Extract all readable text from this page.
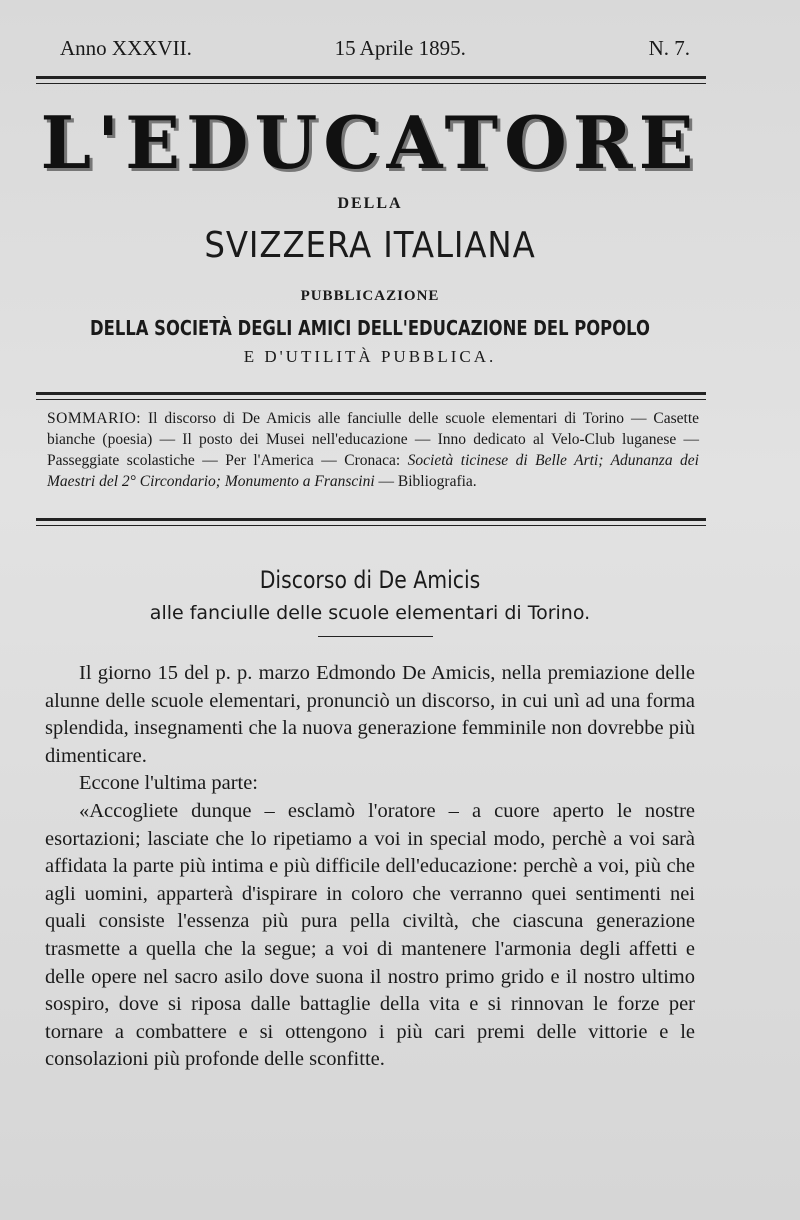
Anno XXXVII.	15 Aprile 1895.	N. 7.
L'EDUCATORE
DELLA
SVIZZERA ITALIANA
PUBBLICAZIONE
DELLA SOCIETÀ DEGLI AMICI DELL'EDUCAZIONE DEL POPOLO
E D'UTILITÀ PUBBLICA.
SOMMARIO: Il discorso di De Amicis alle fanciulle delle scuole elementari di Torino — Casette bianche (poesia) — Il posto dei Musei nell'educazione — Inno dedicato al Velo-Club luganese — Passeggiate scolastiche — Per l'America — Cronaca: Società ticinese di Belle Arti; Adunanza dei Maestri del 2° Circondario; Monumento a Franscini — Bibliografia.
Discorso di De Amicis
alle fanciulle delle scuole elementari di Torino.

Il giorno 15 del p. p. marzo Edmondo De Amicis, nella premiazione delle alunne delle scuole elementari, pronunciò un discorso, in cui unì ad una forma splendida, insegnamenti che la nuova generazione femminile non dovrebbe più dimenticare.

Eccone l'ultima parte:

«Accogliete dunque – esclamò l'oratore – a cuore aperto le nostre esortazioni; lasciate che lo ripetiamo a voi in special modo, perchè a voi sarà affidata la parte più intima e più difficile dell'educazione: perchè a voi, più che agli uomini, apparterà d'ispirare in coloro che verranno quei sentimenti nei quali consiste l'essenza più pura pella civiltà, che ciascuna generazione trasmette a quella che la segue; a voi di mantenere l'armonia degli affetti e delle opere nel sacro asilo dove suona il nostro primo grido e il nostro ultimo sospiro, dove si riposa dalle battaglie della vita e si rinnovan le forze per tornare a combattere e si ottengono i più cari premi delle vittorie e le consolazioni più profonde delle sconfitte.
